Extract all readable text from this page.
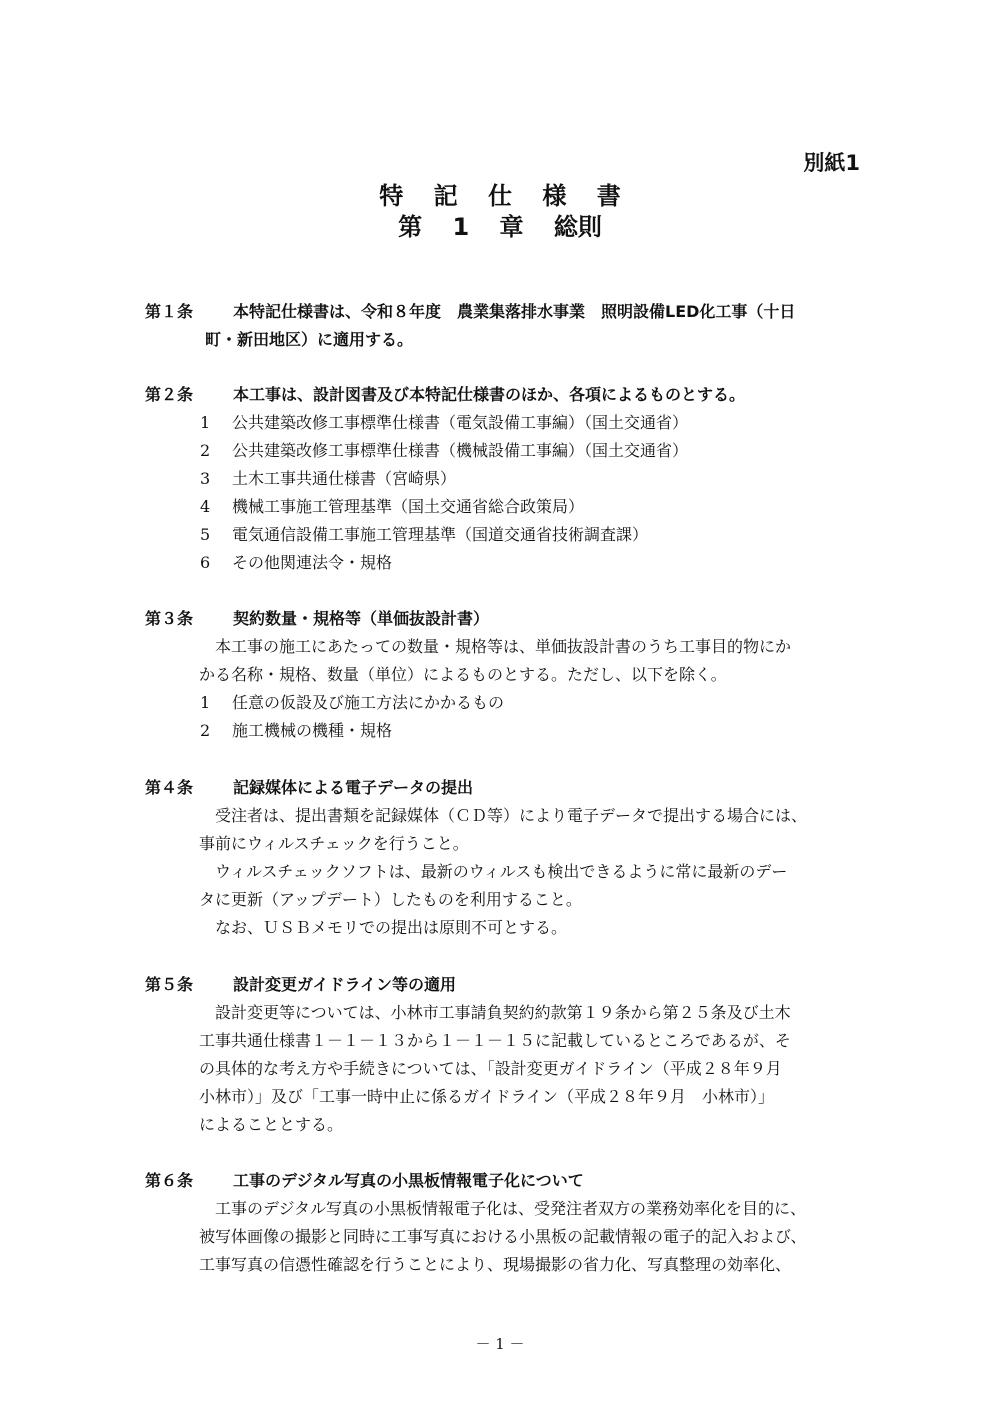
別紙1
特 記 仕 様 書
第 1 章 総則
第１条 本特記仕様書は、令和８年度　農業集落排水事業　照明設備LED化工事（十日
町・新田地区）に適用する。
第２条 本工事は、設計図書及び本特記仕様書のほか、各項によるものとする。
1 公共建築改修工事標準仕様書（電気設備工事編）（国土交通省）
2 公共建築改修工事標準仕様書（機械設備工事編）（国土交通省）
3 土木工事共通仕様書（宮崎県）
4 機械工事施工管理基準（国土交通省総合政策局）
5 電気通信設備工事施工管理基準（国道交通省技術調査課）
6 その他関連法令・規格
第３条 契約数量・規格等（単価抜設計書）
　本工事の施工にあたっての数量・規格等は、単価抜設計書のうち工事目的物にか
かる名称・規格、数量（単位）によるものとする。ただし、以下を除く。
1 任意の仮設及び施工方法にかかるもの
2 施工機械の機種・規格
第４条 記録媒体による電子データの提出
　受注者は、提出書類を記録媒体（ＣＤ等）により電子データで提出する場合には、
事前にウィルスチェックを行うこと。
　ウィルスチェックソフトは、最新のウィルスも検出できるように常に最新のデー
タに更新（アップデート）したものを利用すること。
　なお、ＵＳＢメモリでの提出は原則不可とする。
第５条 設計変更ガイドライン等の適用
　設計変更等については、小林市工事請負契約約款第１９条から第２５条及び土木
工事共通仕様書１－１－１３から１－１－１５に記載しているところであるが、そ
の具体的な考え方や手続きについては、「設計変更ガイドライン（平成２８年９月
小林市）」及び「工事一時中止に係るガイドライン（平成２８年９月　小林市）」
によることとする。
第６条 工事のデジタル写真の小黒板情報電子化について
　工事のデジタル写真の小黒板情報電子化は、受発注者双方の業務効率化を目的に、
被写体画像の撮影と同時に工事写真における小黒板の記載情報の電子的記入および、
工事写真の信憑性確認を行うことにより、現場撮影の省力化、写真整理の効率化、
－ 1 －
